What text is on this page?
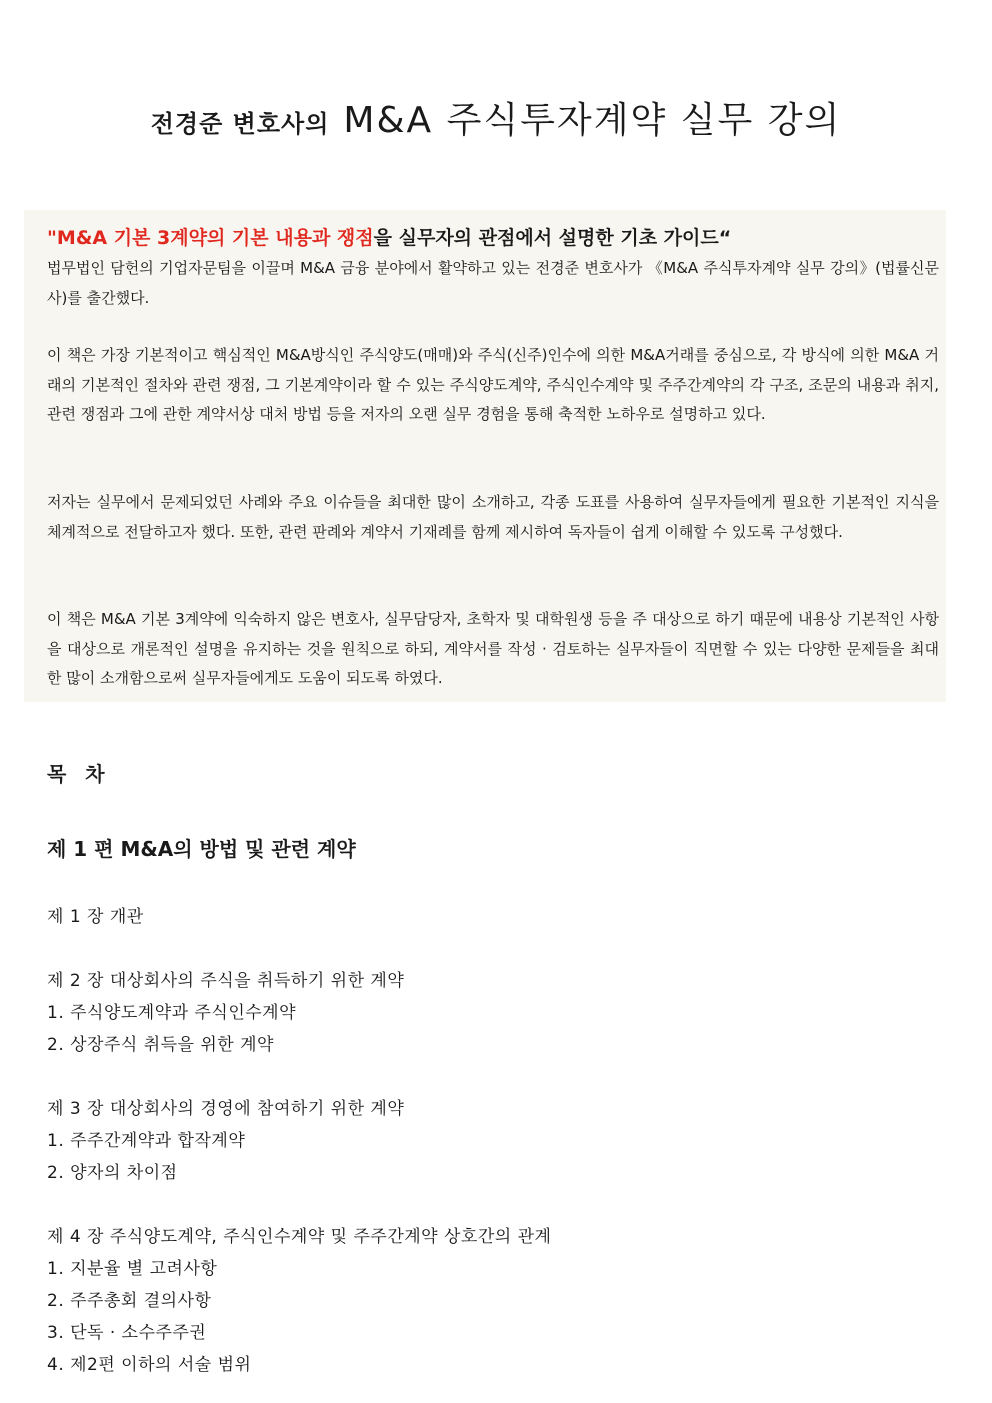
전경준 변호사의 M&A 주식투자계약 실무 강의
"M&A 기본 3계약의 기본 내용과 쟁점을 실무자의 관점에서 설명한 기초 가이드“

법무법인 담헌의 기업자문팀을 이끌며 M&A 금융 분야에서 활약하고 있는 전경준 변호사가 《M&A 주식투자계약 실무 강의》(법률신문사)를 출간했다.

이 책은 가장 기본적이고 핵심적인 M&A방식인 주식양도(매매)와 주식(신주)인수에 의한 M&A거래를 중심으로, 각 방식에 의한 M&A 거래의 기본적인 절차와 관련 쟁점, 그 기본계약이라 할 수 있는 주식양도계약, 주식인수계약 및 주주간계약의 각 구조, 조문의 내용과 취지, 관련 쟁점과 그에 관한 계약서상 대처 방법 등을 저자의 오랜 실무 경험을 통해 축적한 노하우로 설명하고 있다.

저자는 실무에서 문제되었던 사례와 주요 이슈들을 최대한 많이 소개하고, 각종 도표를 사용하여 실무자들에게 필요한 기본적인 지식을 체계적으로 전달하고자 했다. 또한, 관련 판례와 계약서 기재례를 함께 제시하여 독자들이 쉽게 이해할 수 있도록 구성했다.

이 책은 M&A 기본 3계약에 익숙하지 않은 변호사, 실무담당자, 초학자 및 대학원생 등을 주 대상으로 하기 때문에 내용상 기본적인 사항을 대상으로 개론적인 설명을 유지하는 것을 원칙으로 하되, 계약서를 작성 · 검토하는 실무자들이 직면할 수 있는 다양한 문제들을 최대한 많이 소개함으로써 실무자들에게도 도움이 되도록 하였다.

목 차
제 1 편 M&A의 방법 및 관련 계약
제 1 장 개관
제 2 장 대상회사의 주식을 취득하기 위한 계약
1. 주식양도계약과 주식인수계약
2. 상장주식 취득을 위한 계약
제 3 장 대상회사의 경영에 참여하기 위한 계약
1. 주주간계약과 합작계약
2. 양자의 차이점
제 4 장 주식양도계약, 주식인수계약 및 주주간계약 상호간의 관계
1. 지분율 별 고려사항
2. 주주총회 결의사항
3. 단독 · 소수주주권
4. 제2편 이하의 서술 범위
